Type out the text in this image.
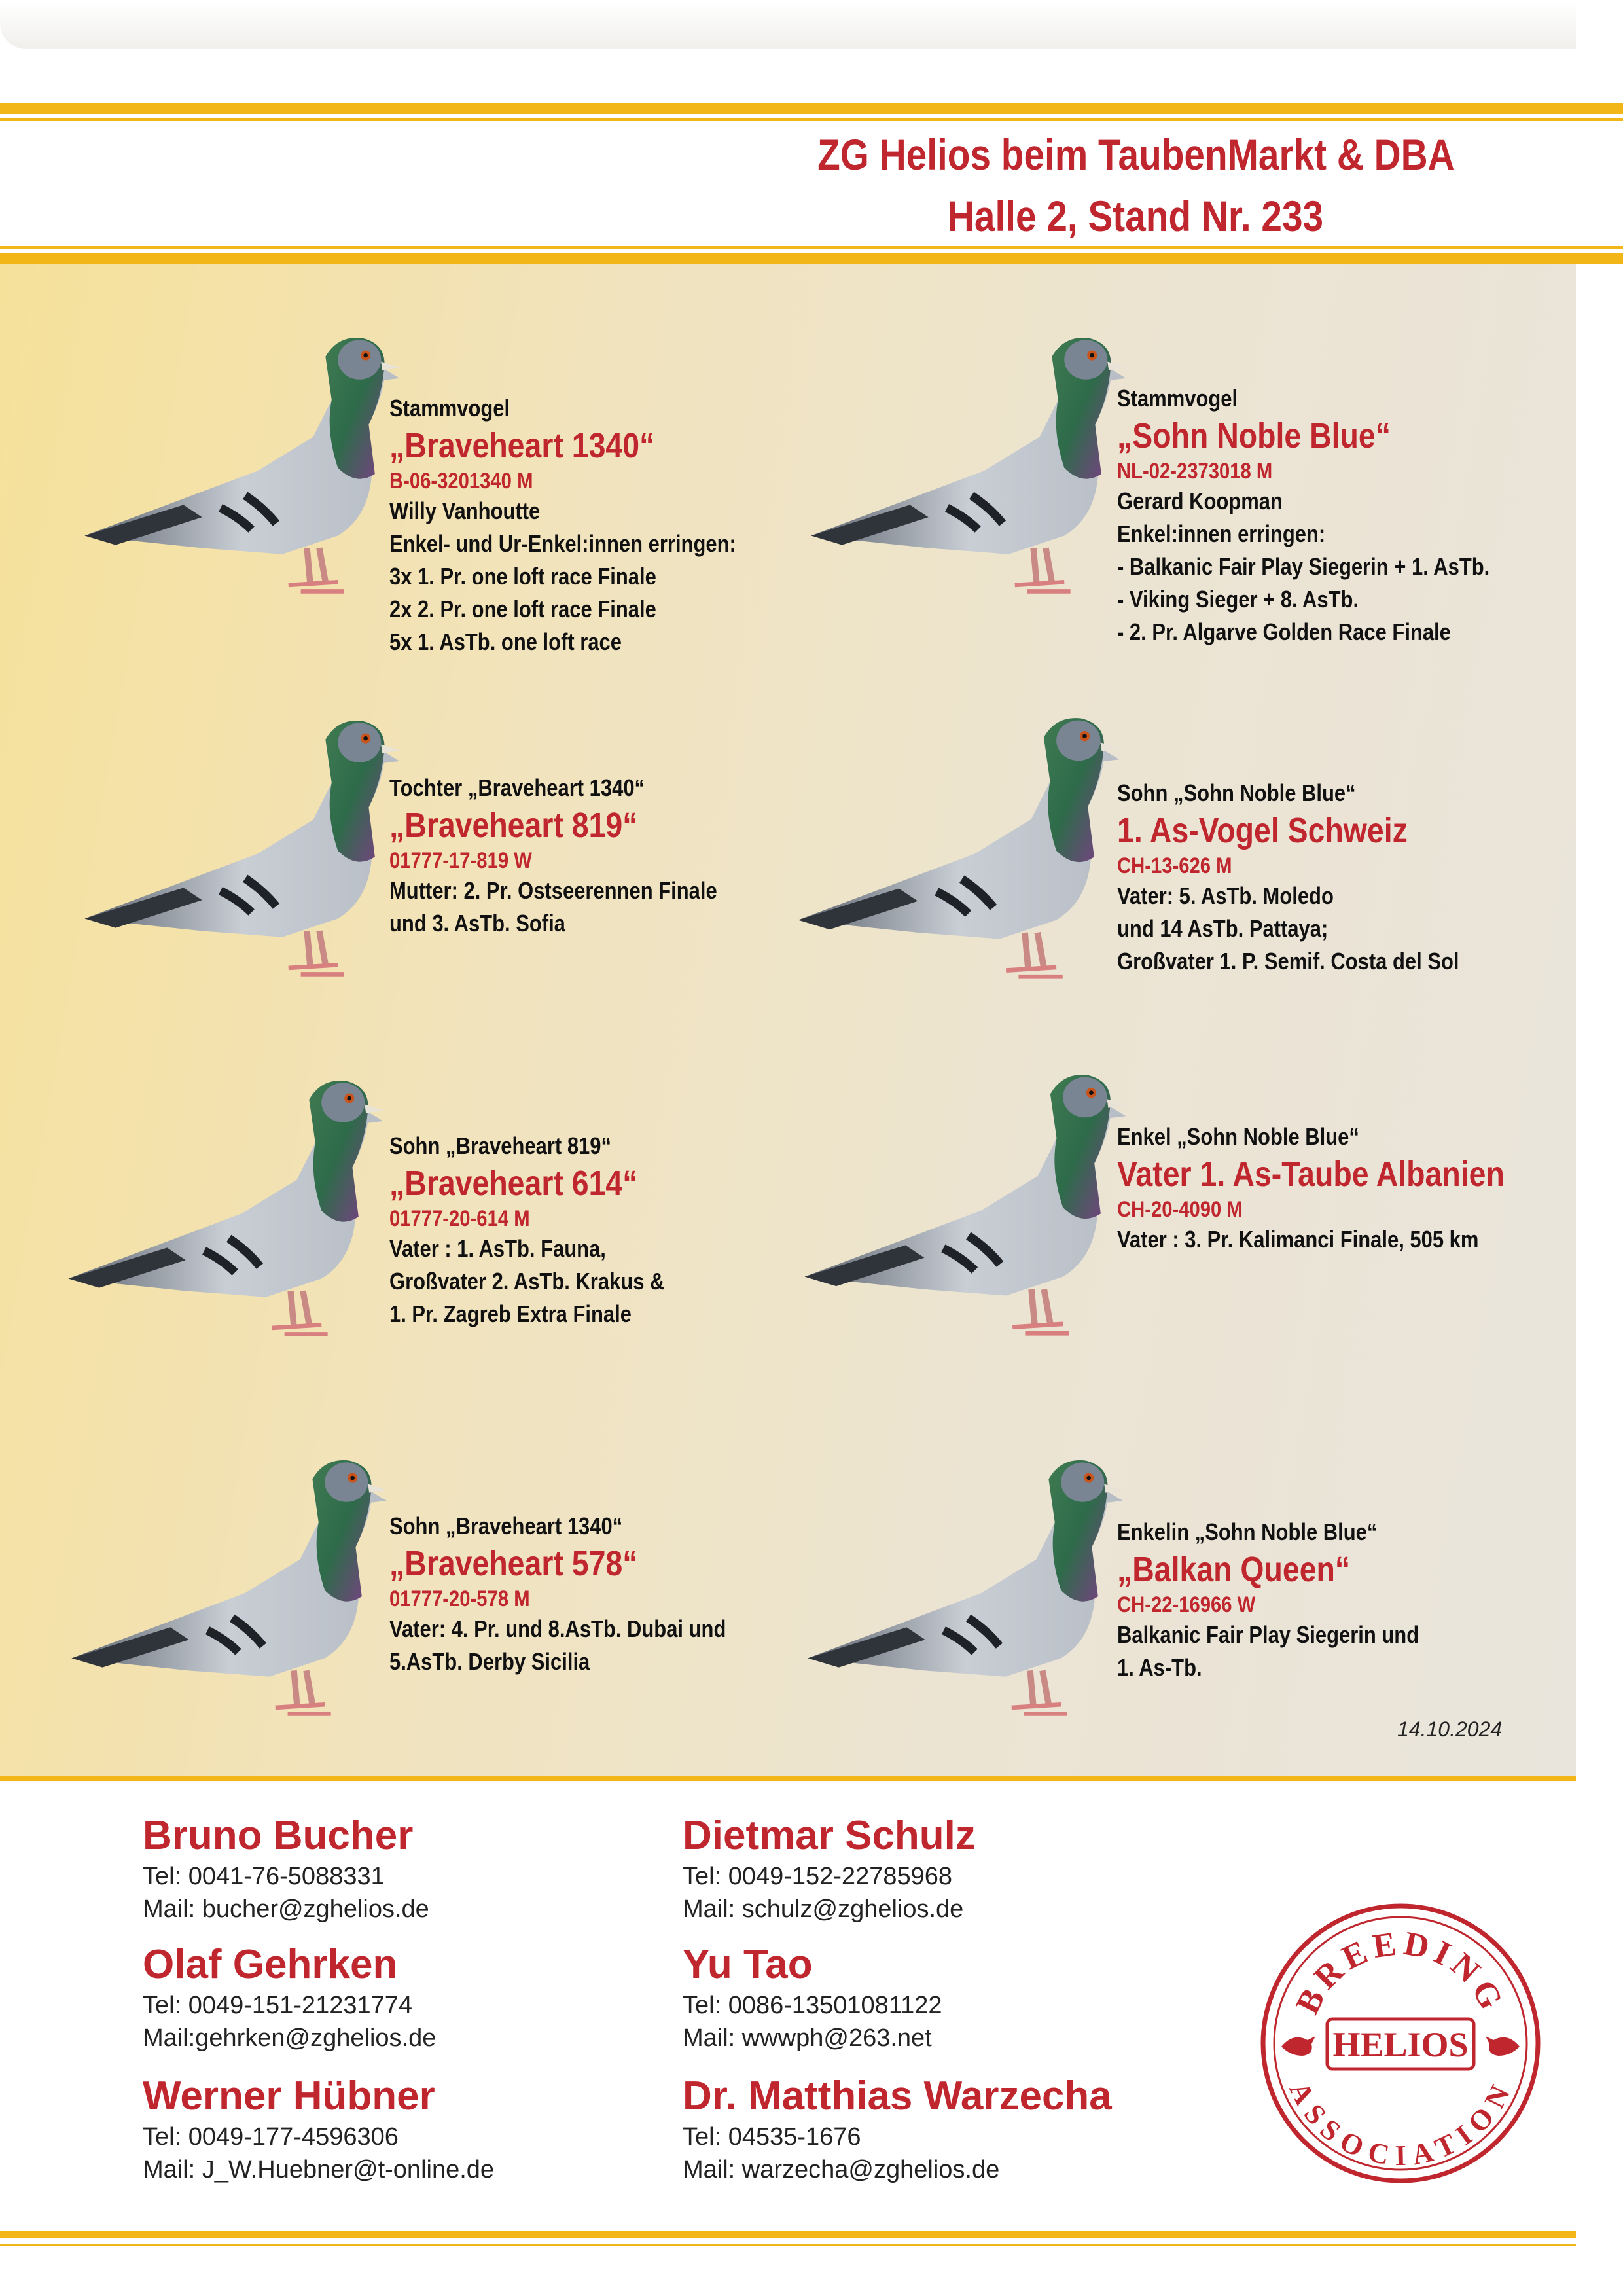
ZG Helios beim TaubenMarkt & DBA
Halle 2, Stand Nr. 233
Stammvogel
„Braveheart 1340“
B-06-3201340 M
Willy Vanhoutte
Enkel- und Ur-Enkel:innen erringen:
3x 1. Pr. one loft race Finale
2x 2. Pr. one loft race Finale
5x 1. AsTb. one loft race
Stammvogel
„Sohn Noble Blue“
NL-02-2373018 M
Gerard Koopman
Enkel:innen erringen:
- Balkanic Fair Play Siegerin + 1. AsTb.
- Viking Sieger + 8. AsTb.
- 2. Pr. Algarve Golden Race Finale
Tochter „Braveheart 1340“
„Braveheart 819“
01777-17-819 W
Mutter: 2. Pr. Ostseerennen Finale
und 3. AsTb. Sofia
Sohn „Sohn Noble Blue“
1. As-Vogel Schweiz
CH-13-626 M
Vater: 5. AsTb. Moledo
und 14 AsTb. Pattaya;
Großvater 1. P. Semif. Costa del Sol
Sohn „Braveheart 819“
„Braveheart 614“
01777-20-614 M
Vater : 1. AsTb. Fauna,
Großvater 2. AsTb. Krakus &
1. Pr. Zagreb Extra Finale
Enkel „Sohn Noble Blue“
Vater 1. As-Taube Albanien
CH-20-4090 M
Vater : 3. Pr. Kalimanci Finale, 505 km
Sohn „Braveheart 1340“
„Braveheart 578“
01777-20-578 M
Vater: 4. Pr. und 8.AsTb. Dubai und
5.AsTb. Derby Sicilia
Enkelin „Sohn Noble Blue“
„Balkan Queen“
CH-22-16966 W
Balkanic Fair Play Siegerin und
1. As-Tb.
14.10.2024
Bruno Bucher
Tel: 0041-76-5088331
Mail: bucher@zghelios.de
Dietmar Schulz
Tel: 0049-152-22785968
Mail: schulz@zghelios.de
Olaf Gehrken
Tel: 0049-151-21231774
Mail:gehrken@zghelios.de
Yu Tao
Tel: 0086-13501081122
Mail: wwwph@263.net
Werner Hübner
Tel: 0049-177-4596306
Mail: J_W.Huebner@t-online.de
Dr. Matthias Warzecha
Tel: 04535-1676
Mail: warzecha@zghelios.de
BREEDING
ASSOCIATION
HELIOS
